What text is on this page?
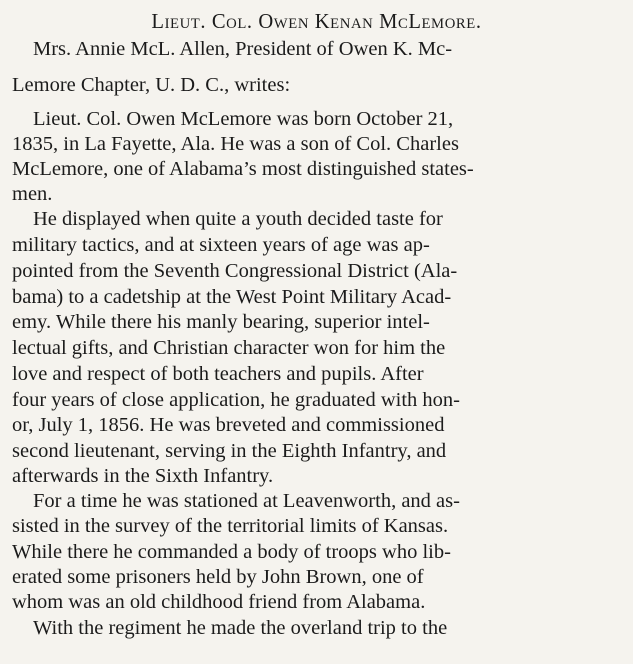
Lieut. Col. Owen Kenan McLemore.
Mrs. Annie McL. Allen, President of Owen K. Mc-
Lemore Chapter, U. D. C., writes:
Lieut. Col. Owen McLemore was born October 21,
1835, in La Fayette, Ala. He was a son of Col. Charles
McLemore, one of Alabama’s most distinguished states-
men.
He displayed when quite a youth decided taste for
military tactics, and at sixteen years of age was ap-
pointed from the Seventh Congressional District (Ala-
bama) to a cadetship at the West Point Military Acad-
emy. While there his manly bearing, superior intel-
lectual gifts, and Christian character won for him the
love and respect of both teachers and pupils. After
four years of close application, he graduated with hon-
or, July 1, 1856. He was breveted and commissioned
second lieutenant, serving in the Eighth Infantry, and
afterwards in the Sixth Infantry.
For a time he was stationed at Leavenworth, and as-
sisted in the survey of the territorial limits of Kansas.
While there he commanded a body of troops who lib-
erated some prisoners held by John Brown, one of
whom was an old childhood friend from Alabama.
With the regiment he made the overland trip to the
